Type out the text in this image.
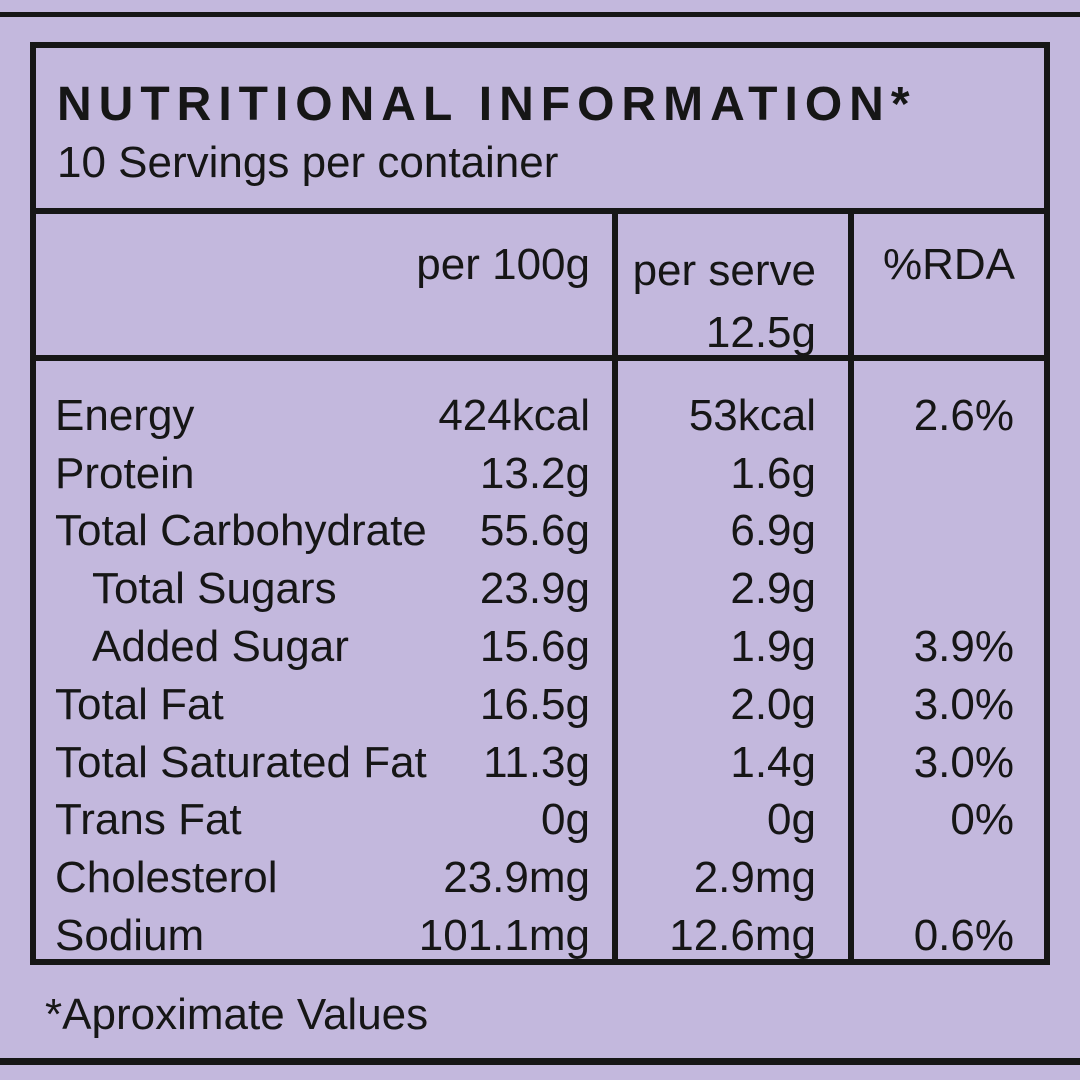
NUTRITIONAL INFORMATION*
10 Servings per container
per 100g per serve
12.5g
%RDA
Energy	424kcal 53kcal 2.6%
Protein	13.2g	1.6g
Total Carbohydrate 55.6g	6.9g
Total Sugars	23.9g	2.9g
Added Sugar	15.6g	1.9g 3.9%
Total Fat	16.5g	2.0g 3.0%
Total Saturated Fat 11.3g	1.4g 3.0%
Trans Fat	0g	0g	0%
Cholesterol	23.9mg 2.9mg
Sodium	101.1mg 12.6mg 0.6%
*Aproximate Values
